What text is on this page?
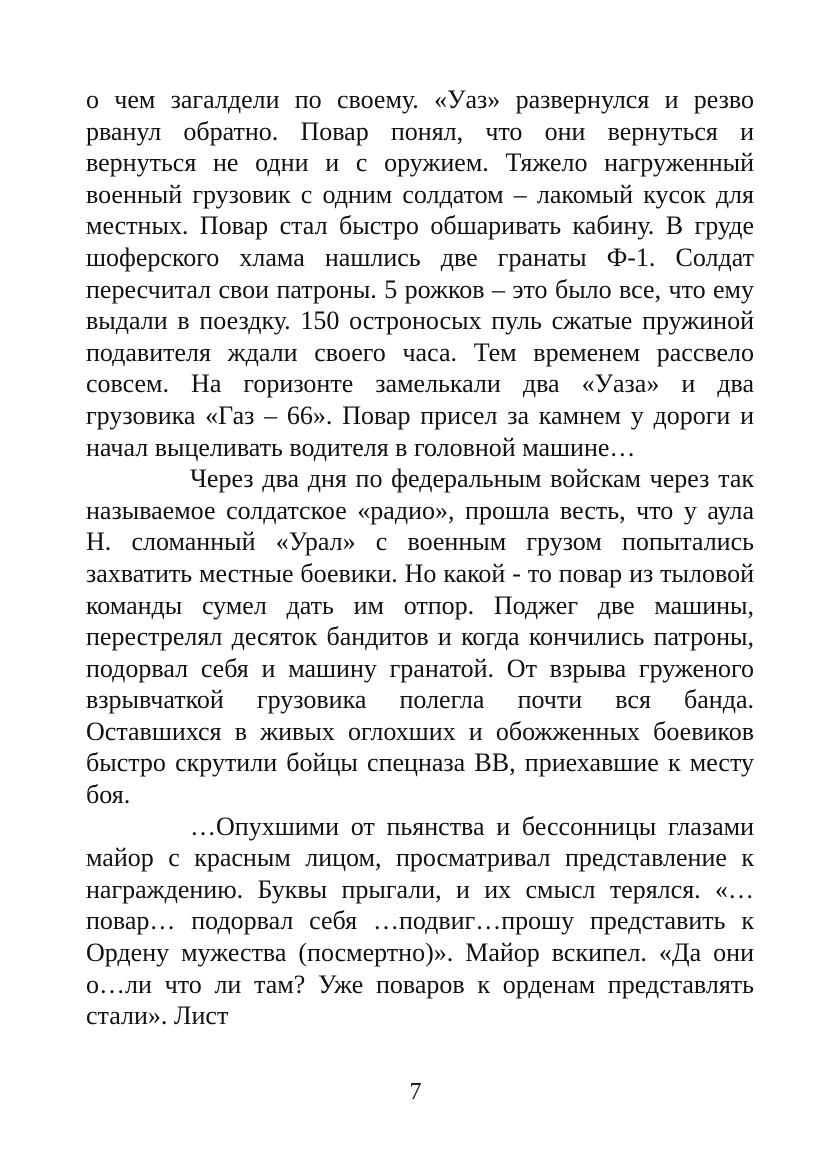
о чем загалдели по своему. «Уаз» развернулся и резво рванул обратно. Повар понял, что они вернуться и вернуться не одни и с оружием. Тяжело нагруженный военный грузовик с одним солдатом – лакомый кусок для местных. Повар стал быстро обшаривать кабину. В груде шоферского хлама нашлись две гранаты Ф-1. Солдат пересчитал свои патроны. 5 рожков – это было все, что ему выдали в поездку. 150 остроносых пуль сжатые пружиной подавителя ждали своего часа. Тем временем рассвело совсем. На горизонте замелькали два «Уаза» и два грузовика «Газ – 66». Повар присел за камнем у дороги и начал выцеливать водителя в головной машине…

Через два дня по федеральным войскам через так называемое солдатское «радио», прошла весть, что у аула Н. сломанный «Урал» с военным грузом попытались захватить местные боевики. Но какой - то повар из тыловой команды сумел дать им отпор. Поджег две машины, перестрелял десяток бандитов и когда кончились патроны, подорвал себя и машину гранатой. От взрыва груженого взрывчаткой грузовика полегла почти вся банда. Оставшихся в живых оглохших и обожженных боевиков быстро скрутили бойцы спецназа ВВ, приехавшие к месту боя.

…Опухшими от пьянства и бессонницы глазами майор с красным лицом, просматривал представление к награждению. Буквы прыгали, и их смысл терялся. «… повар… подорвал себя …подвиг…прошу представить к Ордену мужества (посмертно)». Майор вскипел. «Да они о…ли что ли там? Уже поваров к орденам представлять стали». Лист

7
